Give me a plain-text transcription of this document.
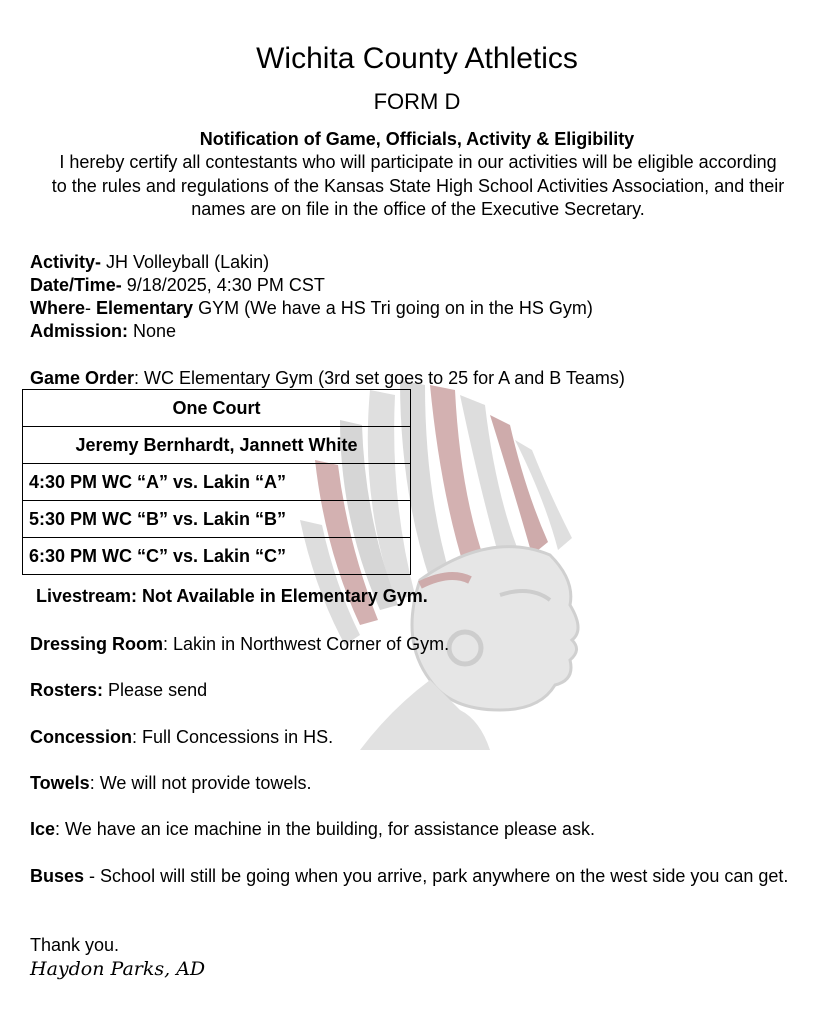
Wichita County Athletics
FORM D
Notification of Game, Officials, Activity & Eligibility
I hereby certify all contestants who will participate in our activities will be eligible according to the rules and regulations of the Kansas State High School Activities Association, and their names are on file in the office of the Executive Secretary.
Activity- JH Volleyball (Lakin)
Date/Time- 9/18/2025, 4:30 PM CST
Where- Elementary GYM (We have a HS Tri going on in the HS Gym)
Admission: None
Game Order: WC Elementary Gym (3rd set goes to 25 for A and B Teams)
One Court
Jeremy Bernhardt, Jannett White
4:30 PM WC “A” vs. Lakin “A”
5:30 PM WC “B” vs. Lakin “B”
6:30 PM WC “C” vs. Lakin “C”
Livestream: Not Available in Elementary Gym.
Dressing Room: Lakin in Northwest Corner of Gym.
Rosters: Please send
Concession: Full Concessions in HS.
Towels: We will not provide towels.
Ice: We have an ice machine in the building, for assistance please ask.
Buses - School will still be going when you arrive, park anywhere on the west side you can get.
Thank you.
Haydon Parks, AD
